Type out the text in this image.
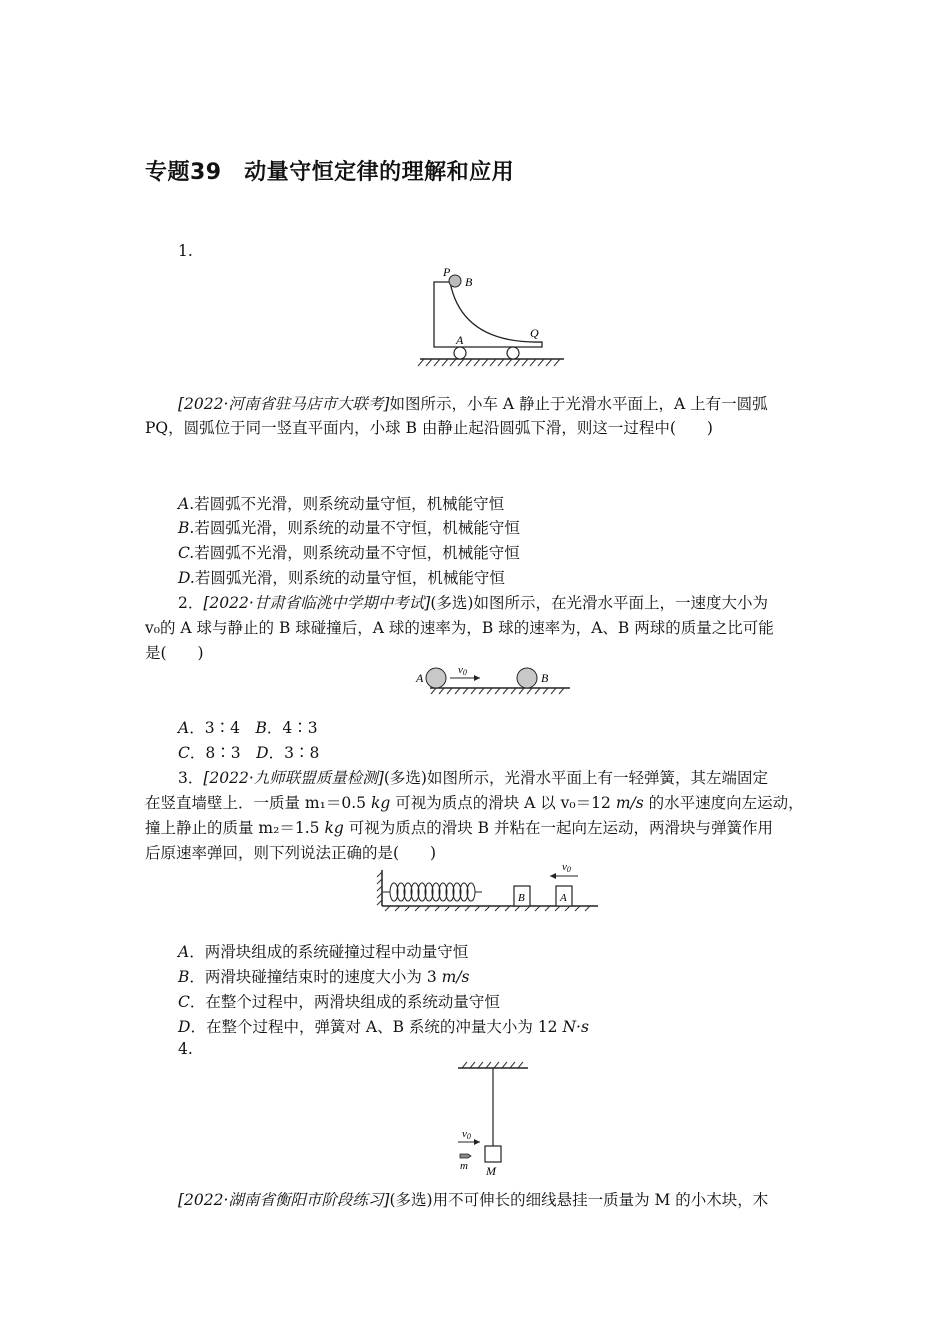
专题39　动量守恒定律的理解和应用
1.
P
B
A	Q
[2022·河南省驻马店市大联考]如图所示，小车 A 静止于光滑水平面上，A 上有一圆弧
PQ，圆弧位于同一竖直平面内，小球 B 由静止起沿圆弧下滑，则这一过程中(　　)
A.若圆弧不光滑，则系统动量守恒，机械能守恒
B.若圆弧光滑，则系统的动量不守恒，机械能守恒
C.若圆弧不光滑，则系统动量不守恒，机械能守恒
D.若圆弧光滑，则系统的动量守恒，机械能守恒
2．[2022·甘肃省临洮中学期中考试](多选)如图所示，在光滑水平面上，一速度大小为
v₀的 A 球与静止的 B 球碰撞后，A 球的速率为，B 球的速率为，A、B 两球的质量之比可能
是(　　)
A	B
v0
A．3∶4　 B．4∶3
C．8∶3　 D．3∶8
3．[2022·九师联盟质量检测](多选)如图所示，光滑水平面上有一轻弹簧，其左端固定
在竖直墙壁上．一质量 m₁＝0.5 kg 可视为质点的滑块 A 以 v₀＝12 m/s 的水平速度向左运动，
撞上静止的质量 m₂＝1.5 kg 可视为质点的滑块 B 并粘在一起向左运动，两滑块与弹簧作用
后原速率弹回，则下列说法正确的是(　　)
B	A
v0
A．两滑块组成的系统碰撞过程中动量守恒
B．两滑块碰撞结束时的速度大小为 3 m/s
C．在整个过程中，两滑块组成的系统动量守恒
D．在整个过程中，弹簧对 A、B 系统的冲量大小为 12 N·s
4.
M
v0
m
[2022·湖南省衡阳市阶段练习](多选)用不可伸长的细线悬挂一质量为 M 的小木块，木
